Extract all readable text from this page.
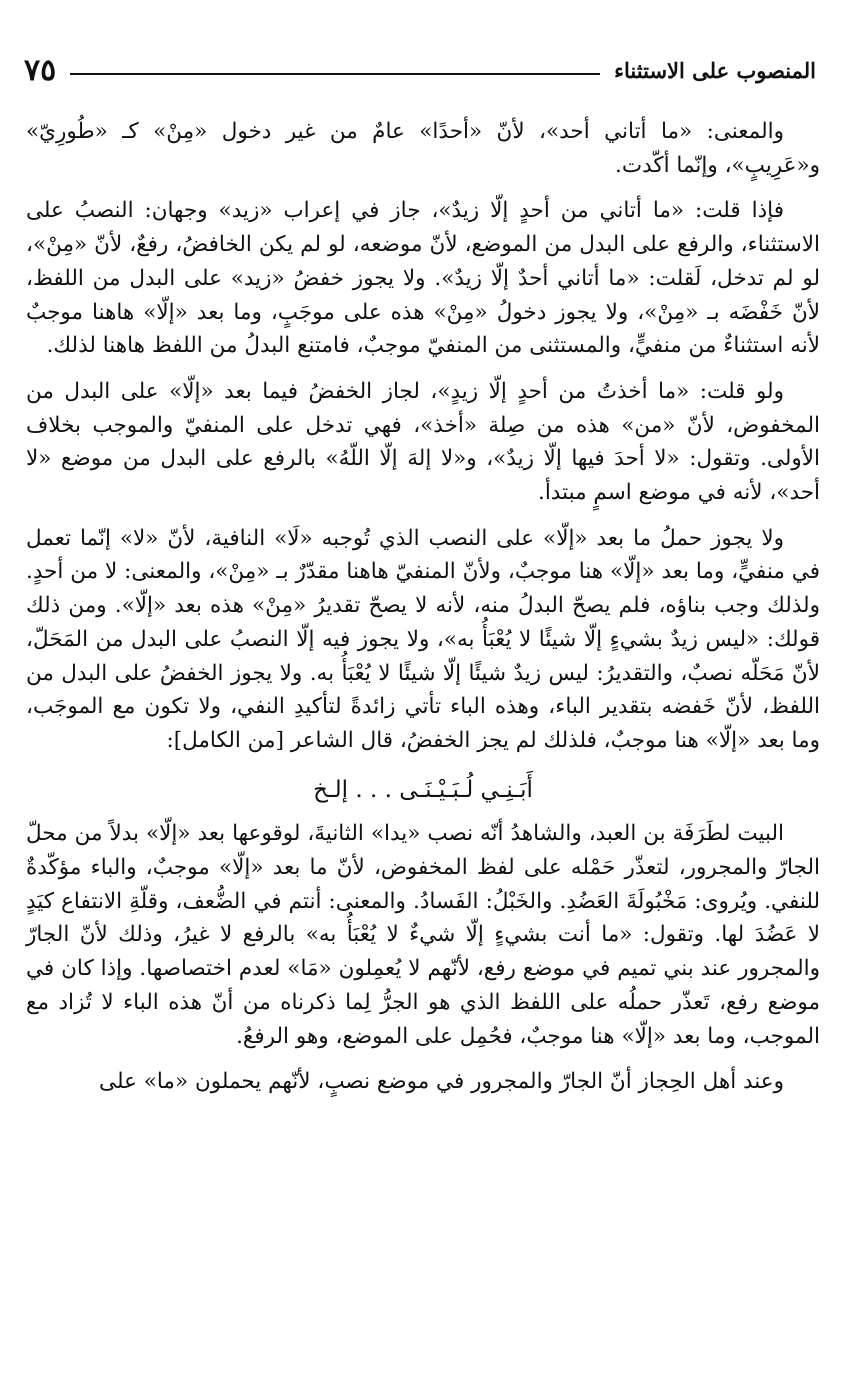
المنصوب على الاستثناء
٧٥

والمعنى: «ما أتاني أحد»، لأنّ «أحدًا» عامٌ من غير دخول «مِنْ» كـ «طُورِيّ» و«عَرِيبٍ»، وإنّما أكّدت.

فإذا قلت: «ما أتاني من أحدٍ إلّا زيدٌ»، جاز في إعراب «زيد» وجهان: النصبُ على الاستثناء، والرفع على البدل من الموضع، لأنّ موضعه، لو لم يكن الخافضُ، رفعٌ، لأنّ «مِنْ»، لو لم تدخل، لَقلت: «ما أتاني أحدٌ إلّا زيدٌ». ولا يجوز خفضُ «زيد» على البدل من اللفظ، لأنّ خَفْضَه بـ «مِنْ»، ولا يجوز دخولُ «مِنْ» هذه على موجَبٍ، وما بعد «إلّا» هاهنا موجبٌ لأنه استثناءٌ من منفيٍّ، والمستثنى من المنفيّ موجبٌ، فامتنع البدلُ من اللفظ هاهنا لذلك.

ولو قلت: «ما أخذتُ من أحدٍ إلّا زيدٍ»، لجاز الخفضُ فيما بعد «إلّا» على البدل من المخفوض، لأنّ «من» هذه من صِلة «أخذ»، فهي تدخل على المنفيّ والموجب بخلاف الأولى. وتقول: «لا أحدَ فيها إلّا زيدٌ»، و«لا إلهَ إلّا اللّهُ» بالرفع على البدل من موضع «لا أحد»، لأنه في موضع اسمٍ مبتدأ.

ولا يجوز حملُ ما بعد «إلّا» على النصب الذي تُوجبه «لَا» النافية، لأنّ «لا» إنّما تعمل في منفيٍّ، وما بعد «إلّا» هنا موجبٌ، ولأنّ المنفيّ هاهنا مقدّرٌ بـ «مِنْ»، والمعنى: لا من أحدٍ. ولذلك وجب بناؤه، فلم يصحّ البدلُ منه، لأنه لا يصحّ تقديرُ «مِنْ» هذه بعد «إلّا». ومن ذلك قولك: «ليس زيدٌ بشيءٍ إلّا شيئًا لا يُعْبَأُ به»، ولا يجوز فيه إلّا النصبُ على البدل من المَحَلّ، لأنّ مَحَلّه نصبٌ، والتقديرُ: ليس زيدٌ شيئًا إلّا شيئًا لا يُعْبَأُ به. ولا يجوز الخفضُ على البدل من اللفظ، لأنّ خَفضه بتقدير الباء، وهذه الباء تأتي زائدةً لتأكيدِ النفي، ولا تكون مع الموجَب، وما بعد «إلّا» هنا موجبٌ، فلذلك لم يجز الخفضُ، قال الشاعر [من الكامل]:

أَبَـنِـي لُـبَـيْـنَـى . . . إلـخ

البيت لطَرَفَة بن العبد، والشاهدُ أنّه نصب «يدا» الثانيةَ، لوقوعها بعد «إلّا» بدلاً من محلّ الجارّ والمجرور، لتعذّر حَمْله على لفظ المخفوض، لأنّ ما بعد «إلّا» موجبٌ، والباء مؤكّدةٌ للنفي. ويُروى: مَخْبُولَةَ العَضُدِ. والخَبْلُ: الفَسادُ. والمعنى: أنتم في الضُّعف، وقلّةِ الانتفاع كيَدٍ لا عَضُدَ لها. وتقول: «ما أنت بشيءٍ إلّا شيءٌ لا يُعْبَأُ به» بالرفع لا غيرُ، وذلك لأنّ الجارّ والمجرور عند بني تميم في موضع رفع، لأنّهم لا يُعمِلون «مَا» لعدم اختصاصها. وإذا كان في موضع رفع، تَعذّر حملُه على اللفظ الذي هو الجرُّ لِما ذكرناه من أنّ هذه الباء لا تُزاد مع الموجب، وما بعد «إلّا» هنا موجبٌ، فحُمِل على الموضع، وهو الرفعُ.

وعند أهل الحِجاز أنّ الجارّ والمجرور في موضع نصبٍ، لأنّهم يحملون «ما» على
